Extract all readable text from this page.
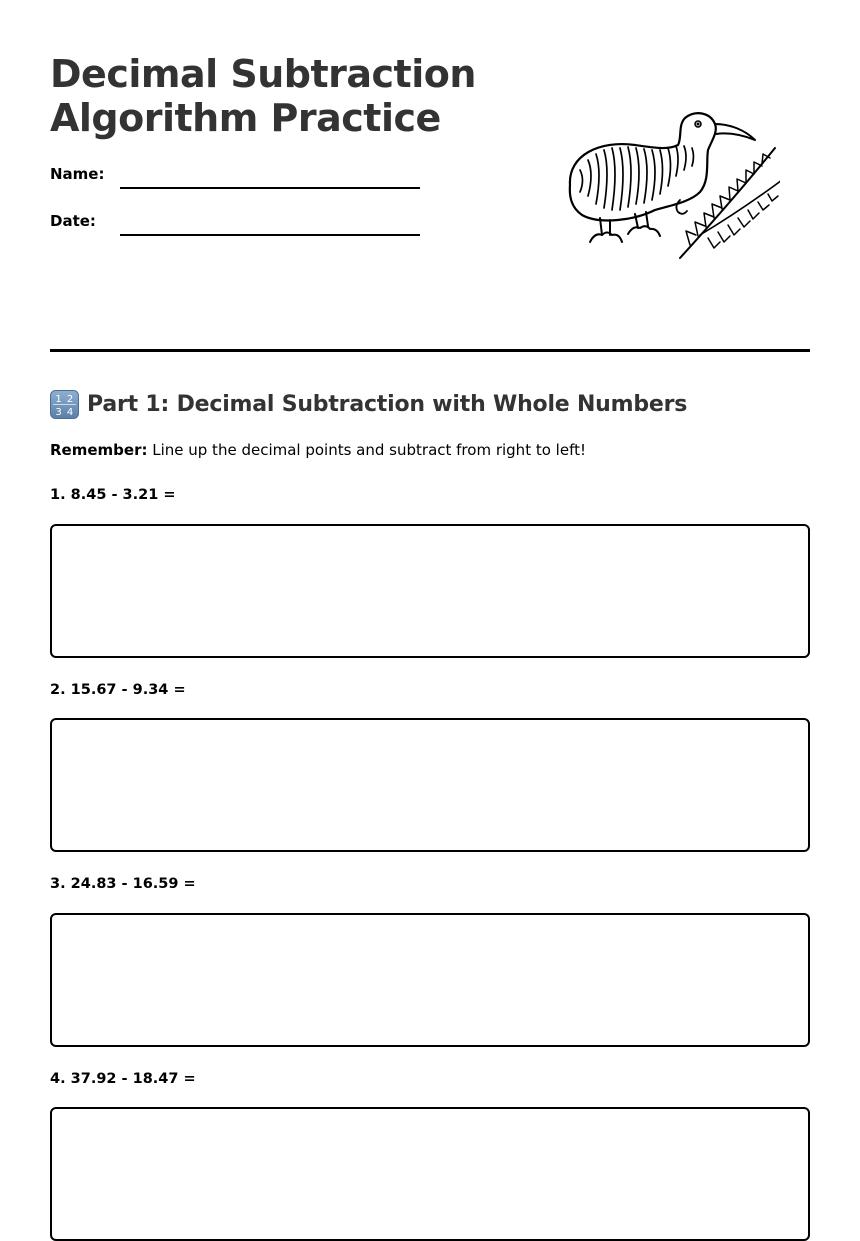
Decimal Subtraction
Algorithm Practice
Name:
Date:
1 2
3 4 Part 1: Decimal Subtraction with Whole Numbers
Remember: Line up the decimal points and subtract from right to left!
1. 8.45 - 3.21 =
2. 15.67 - 9.34 =
3. 24.83 - 16.59 =
4. 37.92 - 18.47 =
